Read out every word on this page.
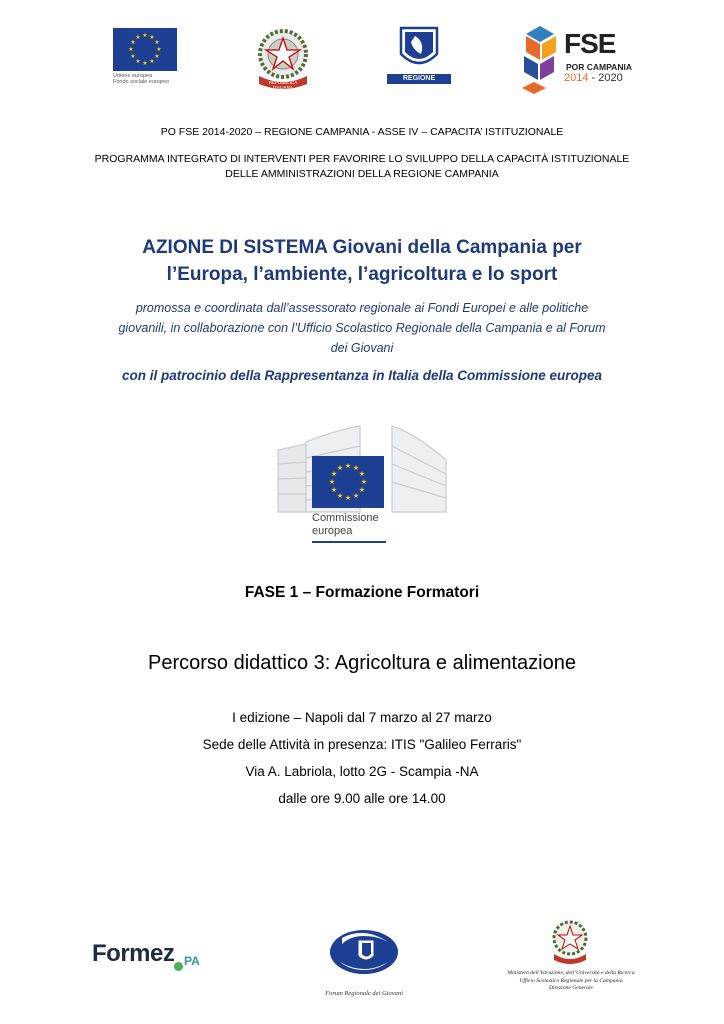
★ ★
★
★
★
★
★
★
★
★
★
★
Unione europea
Fondo sociale europeo	REPUBBLICA ITALIANA
REGIONE CAMPANIA
FSE
POR CAMPANIA
2014 - 2020
PO FSE 2014-2020 – REGIONE CAMPANIA - ASSE IV – CAPACITA’ ISTITUZIONALE
PROGRAMMA INTEGRATO DI INTERVENTI PER FAVORIRE LO SVILUPPO DELLA CAPACITÀ ISTITUZIONALE
DELLE AMMINISTRAZIONI DELLA REGIONE CAMPANIA
AZIONE DI SISTEMA Giovani della Campania per
l’Europa, l’ambiente, l’agricoltura e lo sport
promossa e coordinata dall’assessorato regionale ai Fondi Europei e alle politiche
giovanili, in collaborazione con l’Ufficio Scolastico Regionale della Campania e al Forum
dei Giovani
con il patrocinio della Rappresentanza in Italia della Commissione europea
★ ★
★
★
★
★
★
★
★
★
★
★
Commissione
europea
FASE 1 – Formazione Formatori
Percorso didattico 3: Agricoltura e alimentazione
I edizione – Napoli dal 7 marzo al 27 marzo
Sede delle Attività in presenza: ITIS "Galileo Ferraris"
Via A. Labriola, lotto 2G - Scampia -NA
dalle ore 9.00 alle ore 14.00
Formez PA
Forum Regionale dei Giovani
Ministero dell’Istruzione, dell’Università e della Ricerca
Ufficio Scolastico Regionale per la Campania
Direzione Generale
